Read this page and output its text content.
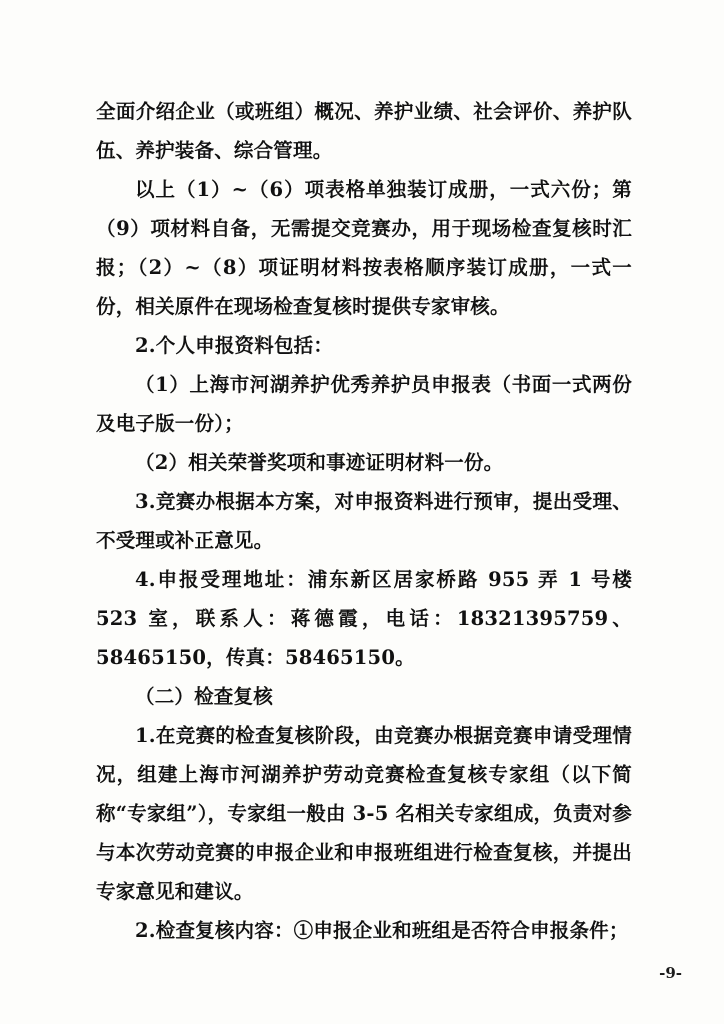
全面介绍企业（或班组）概况、养护业绩、社会评价、养护队伍、养护装备、综合管理。

以上（1）~（6）项表格单独装订成册，一式六份；第（9）项材料自备，无需提交竞赛办，用于现场检查复核时汇报；（2）~（8）项证明材料按表格顺序装订成册，一式一份，相关原件在现场检查复核时提供专家审核。

2.个人申报资料包括：

（1）上海市河湖养护优秀养护员申报表（书面一式两份及电子版一份）；

（2）相关荣誉奖项和事迹证明材料一份。

3.竞赛办根据本方案，对申报资料进行预审，提出受理、不受理或补正意见。

4.申报受理地址：浦东新区居家桥路 955 弄 1 号楼 523 室，联系人：蒋德霞，电话：18321395759、58465150，传真：58465150。

（二）检查复核

1.在竞赛的检查复核阶段，由竞赛办根据竞赛申请受理情况，组建上海市河湖养护劳动竞赛检查复核专家组（以下简称“专家组”），专家组一般由 3-5 名相关专家组成，负责对参与本次劳动竞赛的申报企业和申报班组进行检查复核，并提出专家意见和建议。

2.检查复核内容：①申报企业和班组是否符合申报条件；

-9-
